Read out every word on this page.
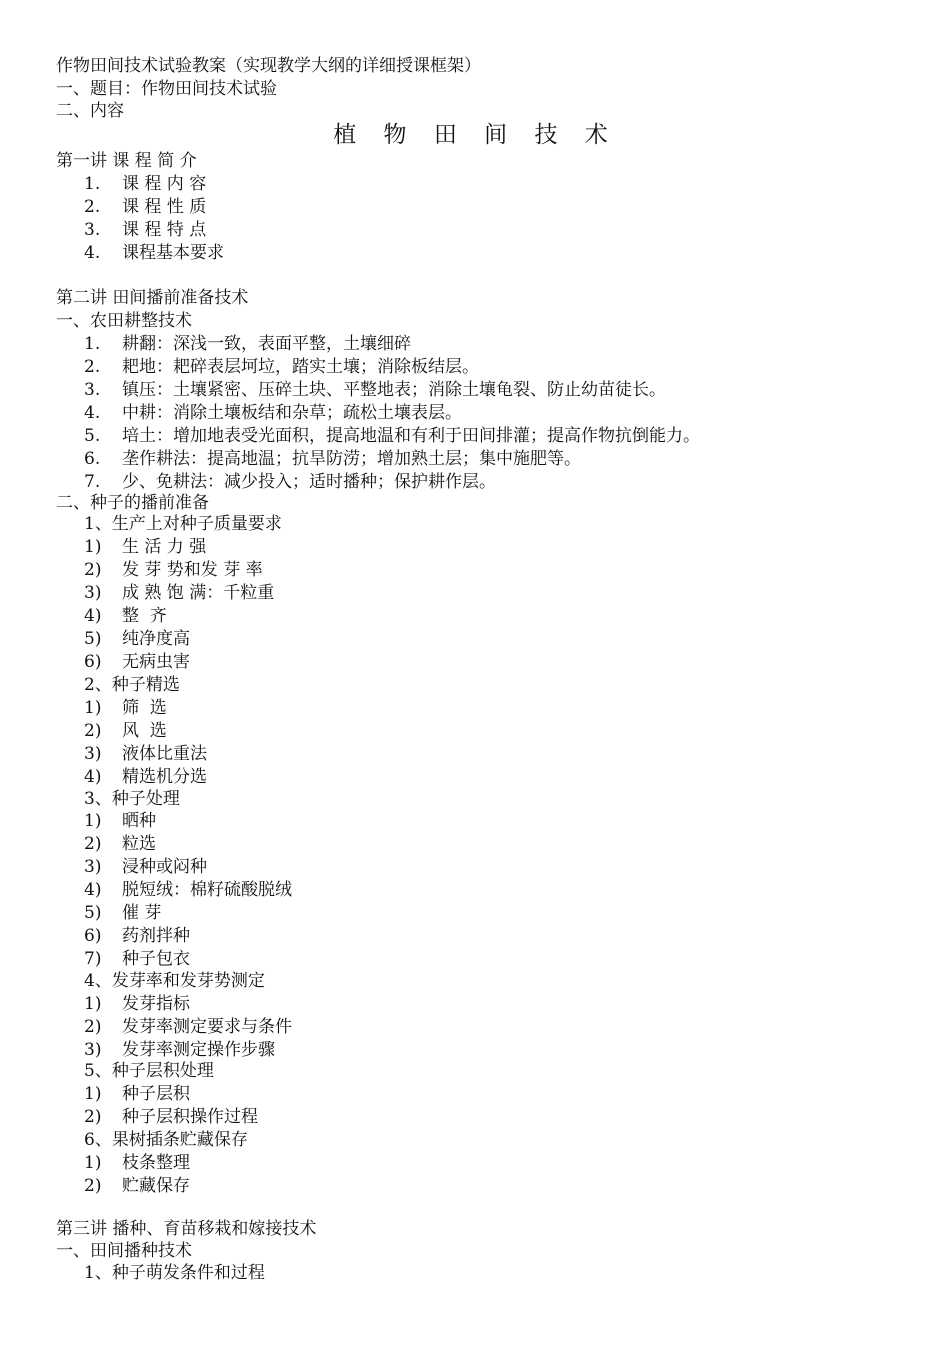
作物田间技术试验教案（实现教学大纲的详细授课框架）
一、题目：作物田间技术试验
二、内容
植 物 田 间 技 术
第一讲 课 程 简 介
1. 课 程 内 容
2. 课 程 性 质
3. 课 程 特 点
4. 课程基本要求
第二讲 田间播前准备技术
一、农田耕整技术
1. 耕翻：深浅一致，表面平整，土壤细碎
2. 耙地：耙碎表层坷垃，踏实土壤；消除板结层。
3. 镇压：土壤紧密、压碎土块、平整地表；消除土壤龟裂、防止幼苗徒长。
4. 中耕：消除土壤板结和杂草；疏松土壤表层。
5. 培土：增加地表受光面积，提高地温和有利于田间排灌；提高作物抗倒能力。
6. 垄作耕法：提高地温；抗旱防涝；增加熟土层；集中施肥等。
7. 少、免耕法：减少投入；适时播种；保护耕作层。
二、种子的播前准备
1、生产上对种子质量要求
1) 生 活 力 强
2) 发 芽 势和发 芽 率
3) 成 熟 饱 满：千粒重
4) 整  齐
5) 纯净度高
6) 无病虫害
2、种子精选
1) 筛  选
2) 风  选
3) 液体比重法
4) 精选机分选
3、种子处理
1) 晒种
2) 粒选
3) 浸种或闷种
4) 脱短绒：棉籽硫酸脱绒
5) 催 芽
6) 药剂拌种
7) 种子包衣
4、发芽率和发芽势测定
1) 发芽指标
2) 发芽率测定要求与条件
3) 发芽率测定操作步骤
5、种子层积处理
1) 种子层积
2) 种子层积操作过程
6、果树插条贮藏保存
1) 枝条整理
2) 贮藏保存
第三讲 播种、育苗移栽和嫁接技术
一、田间播种技术
1、种子萌发条件和过程
